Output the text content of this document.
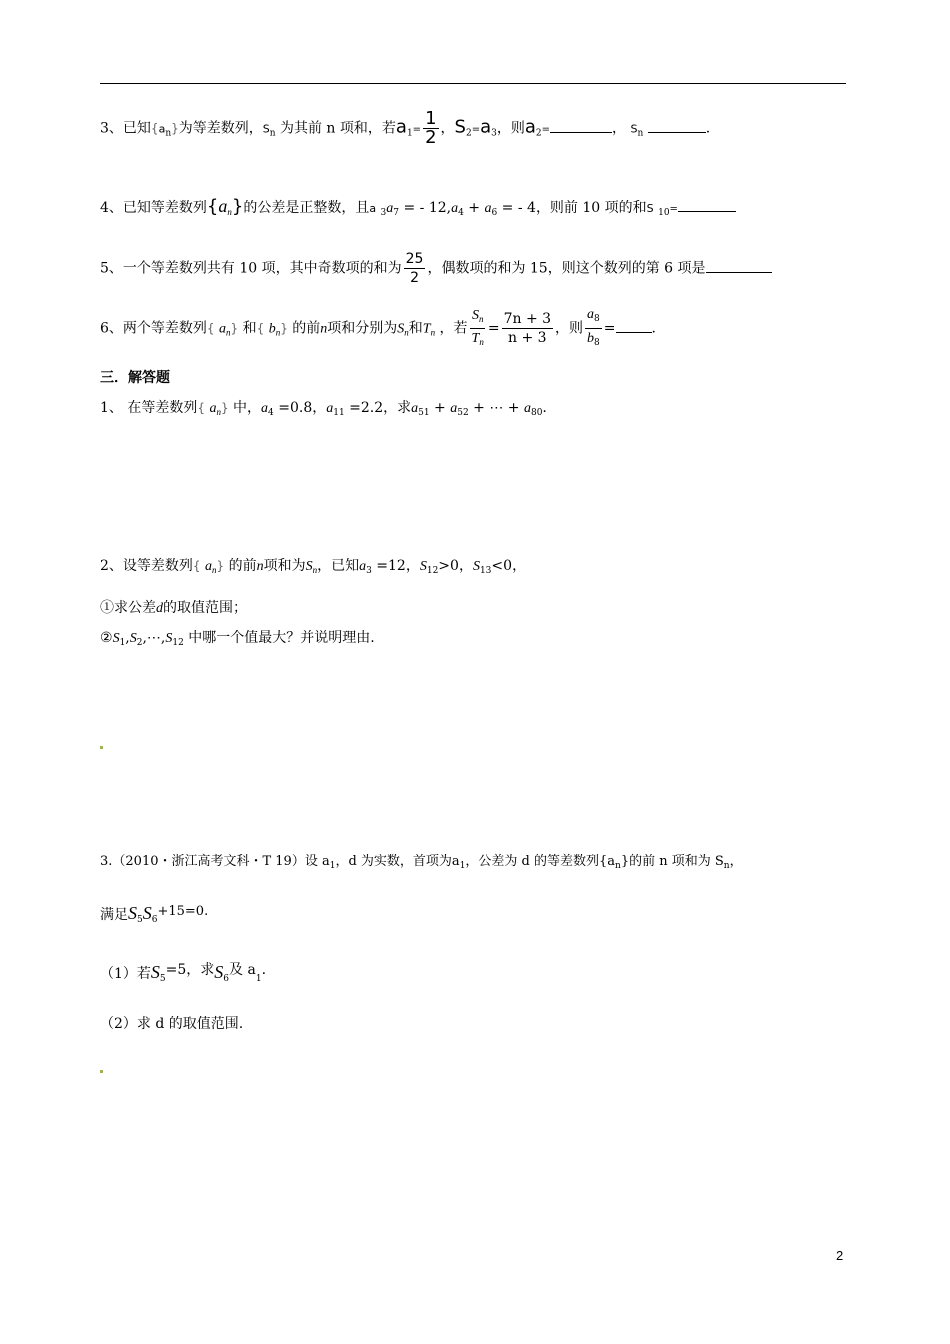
3、已知$\{a_n\}$为等差数列，$S_n$ 为其前 n 项和，若$a_1= \frac{1}{2}$ ，$S_2=a_3$，则$a_2=$	， $S_n$	.
4、已知等差数列$\{a_n\}$的公差是正整数，且a $_3a_7$ = - $12,a_4 + a_6$ = - 4，则前 10 项的和S $_{10}$=
5、一个等差数列共有 10 项，其中奇数项的和为 $\frac{25}{2}$ ，偶数项的和为 15，则这个数列的第 6 项是
6、两个等差数列{ $a_n$} 和{ $b_n$} 的前n项和分别为$S_n$和$T_n$ ，若 $\frac{S_n}{T_n} = \frac{7n + 3}{n + 3}$ ，则 $\frac{a_8}{b_8}$ =	.
三．解答题
1、 在等差数列{ $a_n$} 中，$a_4 =0.8$，$a_{11} =2.2$，求$a_{51} + a_{52}$ + ⋯ + $a_{80}$.
2、设等差数列{ $a_n$} 的前n项和为$S_n$，已知$a_3 =12$，$S_{12}>0$，$S_{13}<0$，
①求公差d的取值范围；
$②S_1,S_2,\cdots,S_{12}$ 中哪一个值最大？并说明理由.
3.（2010・浙江高考文科・T 19）设 $a_1$，d 为实数，首项为$a_1$，公差为 d 的等差数列$\{a_n\}$的前 n 项和为 $S_n$，
满足$S_5S_6+15=0$.
（1）若$S_5=5$，求$S_6$及 $a_1$.
（2）求 d 的取值范围.
2
